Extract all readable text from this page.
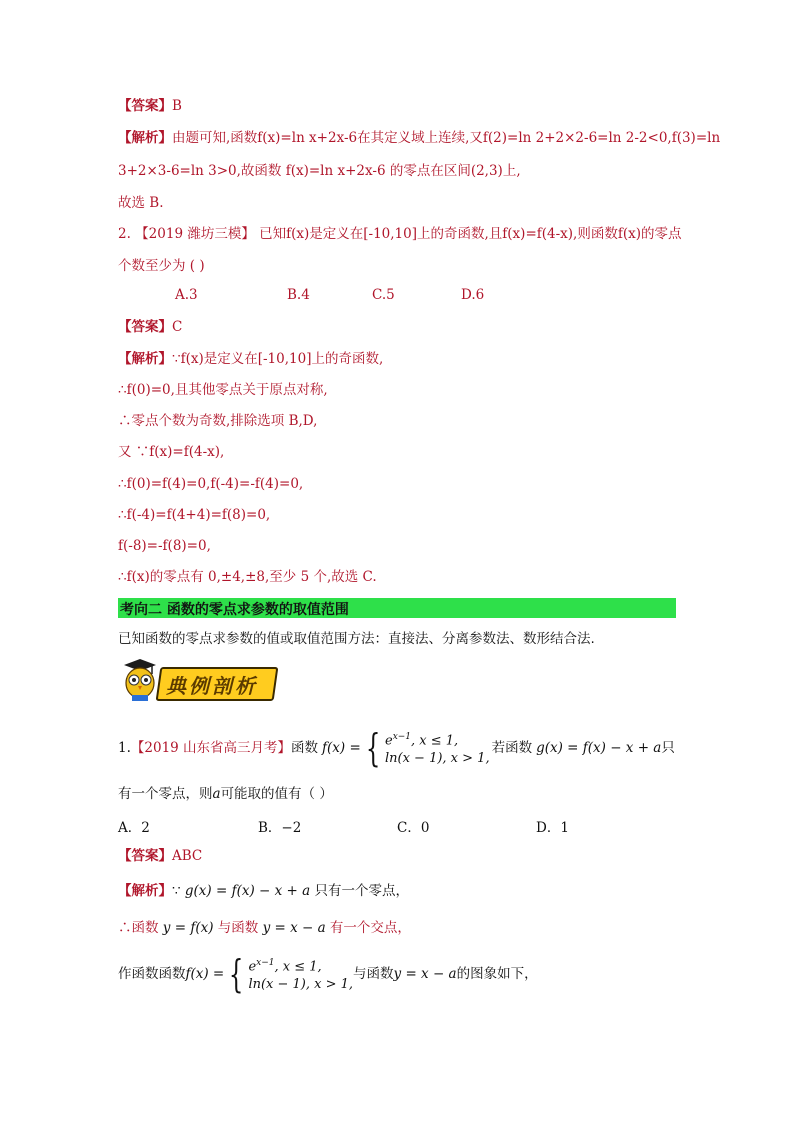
【答案】B
【解析】由题可知,函数f(x)=ln x+2x-6在其定义域上连续,又f(2)=ln 2+2×2-6=ln 2-2<0,f(3)=ln
3+2×3-6=ln 3>0,故函数 f(x)=ln x+2x-6 的零点在区间(2,3)上,
故选 B.
2. 【2019 潍坊三模】 已知f(x)是定义在[-10,10]上的奇函数,且f(x)=f(4-x),则函数f(x)的零点
个数至少为 ( )
A.3	B.4	C.5	D.6
【答案】C
【解析】∵f(x)是定义在[-10,10]上的奇函数,
∴f(0)=0,且其他零点关于原点对称,
∴零点个数为奇数,排除选项 B,D,
又 ∵f(x)=f(4-x),
∴f(0)=f(4)=0,f(-4)=-f(4)=0,
∴f(-4)=f(4+4)=f(8)=0,
f(-8)=-f(8)=0,
∴f(x)的零点有 0,±4,±8,至少 5 个,故选 C.
考向二 函数的零点求参数的取值范围
已知函数的零点求参数的值或取值范围方法：直接法、分离参数法、数形结合法.
典例剖析
1. 【2019 山东省高三月考】 函数 f(x) = { $e^{x-1}$, x ≤ 1,
ln(x − 1), x > 1,
若函数 g(x) = f(x) − x + a 只
有一个零点，则a可能取的值有（ ）
A．2	B．−2	C．0	D．1
【答案】ABC
【解析】∵ g(x) = f(x) − x + a 只有一个零点，
∴函数 y = f(x) 与函数 y = x − a 有一个交点，
作函数函数 f(x) = { $e^{x-1}$, x ≤ 1,
ln(x − 1), x > 1,
与函数 y = x − a 的图象如下，
